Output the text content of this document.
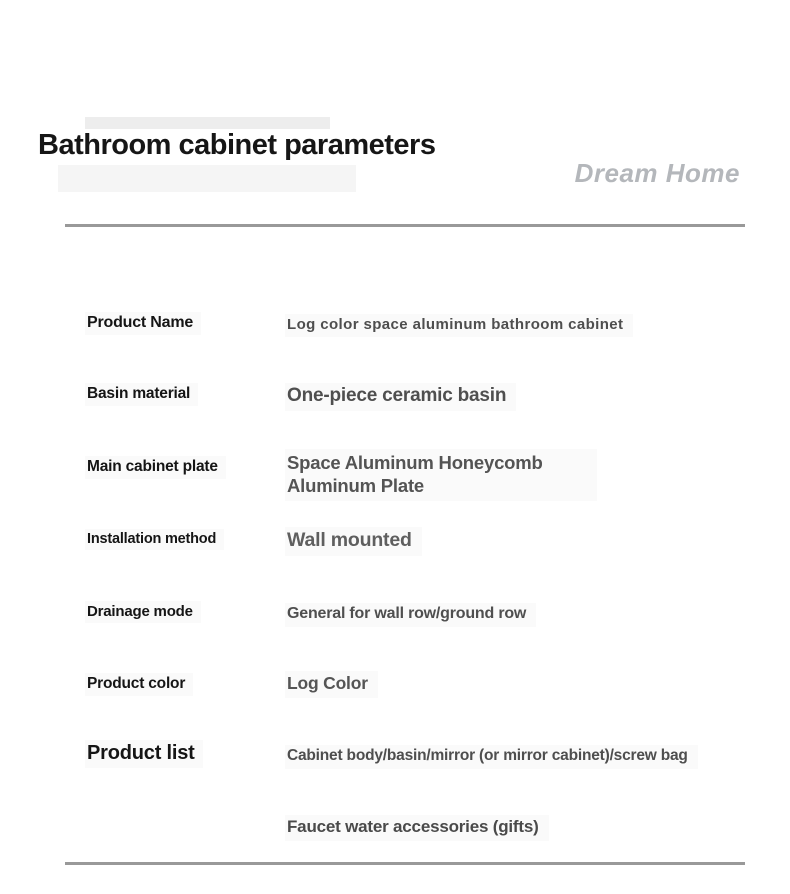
Bathroom cabinet parameters
Dream Home
Product Name	Log color space aluminum bathroom cabinet
Basin material	One-piece ceramic basin
Main cabinet plate	Space Aluminum Honeycomb Aluminum Plate
Installation method	Wall mounted
Drainage mode	General for wall row/ground row
Product color	Log Color
Product list	Cabinet body/basin/mirror (or mirror cabinet)/screw bag
Faucet water accessories (gifts)
